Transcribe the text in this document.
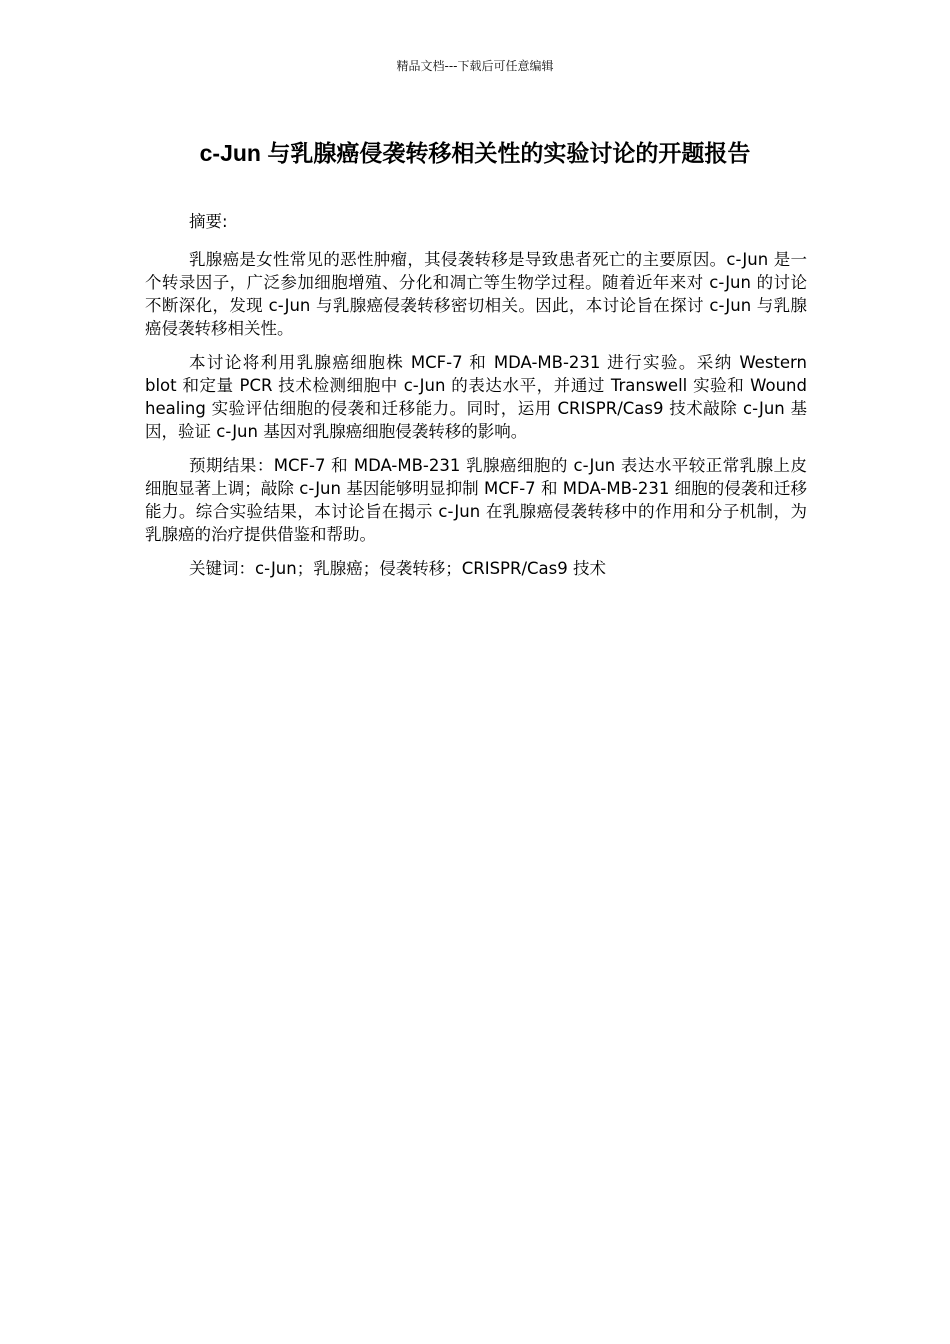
精品文档---下载后可任意编辑
c-Jun 与乳腺癌侵袭转移相关性的实验讨论的开题报告

摘要:

乳腺癌是女性常见的恶性肿瘤，其侵袭转移是导致患者死亡的主要原因。c-Jun 是一个转录因子，广泛参加细胞增殖、分化和凋亡等生物学过程。随着近年来对 c-Jun 的讨论不断深化，发现 c-Jun 与乳腺癌侵袭转移密切相关。因此，本讨论旨在探讨 c-Jun 与乳腺癌侵袭转移相关性。

本讨论将利用乳腺癌细胞株 MCF-7 和 MDA-MB-231 进行实验。采纳 Western blot 和定量 PCR 技术检测细胞中 c-Jun 的表达水平，并通过 Transwell 实验和 Wound healing 实验评估细胞的侵袭和迁移能力。同时，运用 CRISPR/Cas9 技术敲除 c-Jun 基因，验证 c-Jun 基因对乳腺癌细胞侵袭转移的影响。

预期结果：MCF-7 和 MDA-MB-231 乳腺癌细胞的 c-Jun 表达水平较正常乳腺上皮细胞显著上调；敲除 c-Jun 基因能够明显抑制 MCF-7 和 MDA-MB-231 细胞的侵袭和迁移能力。综合实验结果，本讨论旨在揭示 c-Jun 在乳腺癌侵袭转移中的作用和分子机制，为乳腺癌的治疗提供借鉴和帮助。

关键词：c-Jun；乳腺癌；侵袭转移；CRISPR/Cas9 技术
